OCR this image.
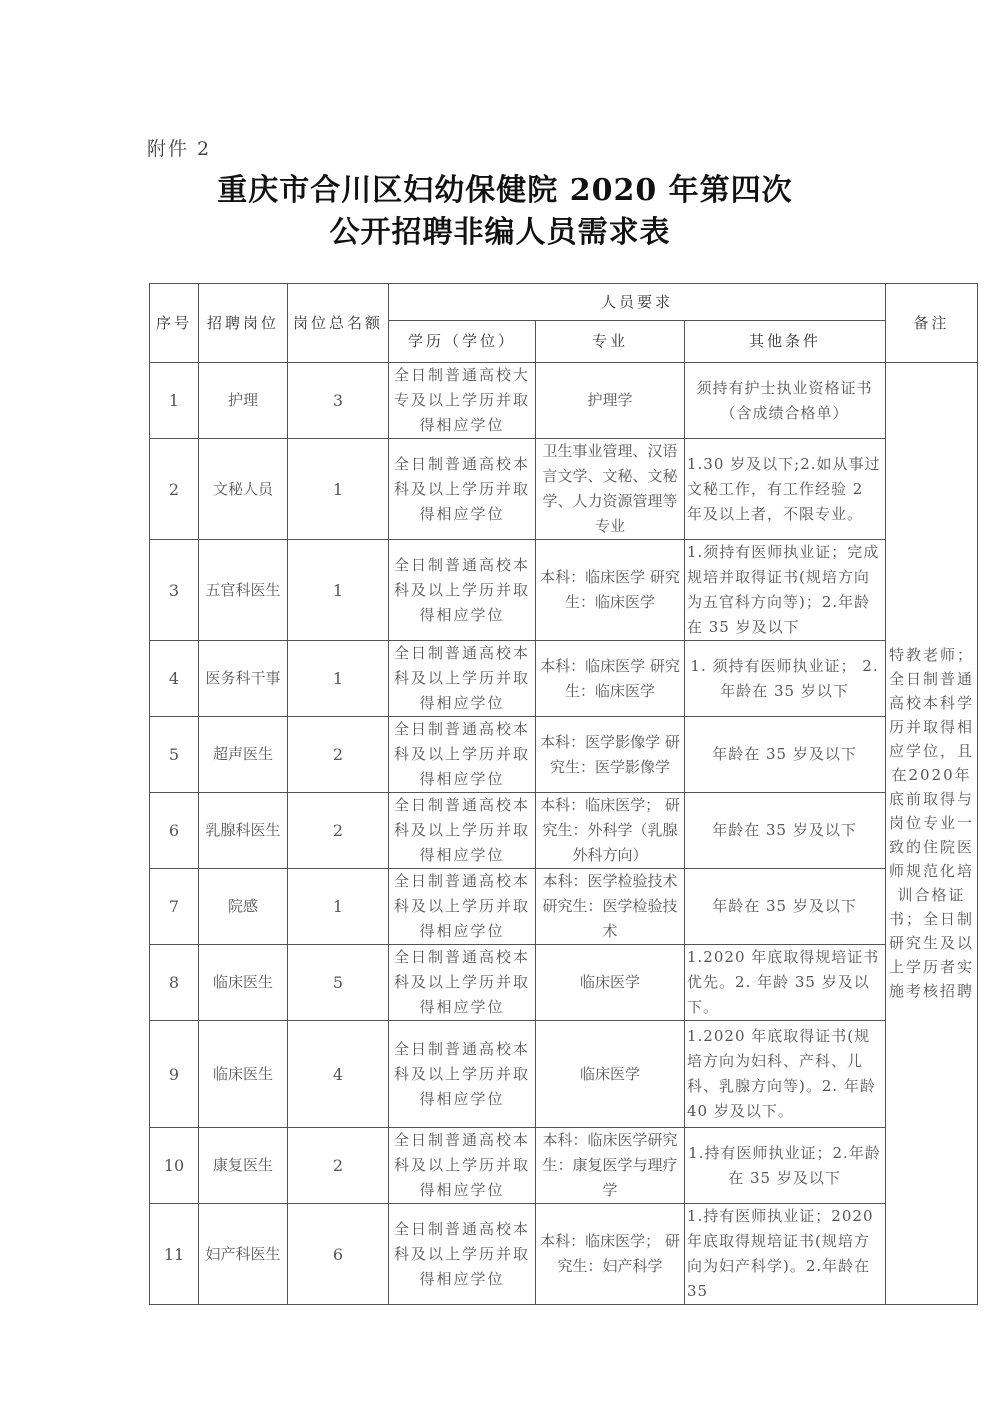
附件 2
重庆市合川区妇幼保健院 2020 年第四次
公开招聘非编人员需求表
序号	招聘岗位	岗位总名额	人员要求			备注
			学历（学位）	专业	其他条件	
1	护理	3	全日制普通高校大专及以上学历并取得相应学位	护理学	须持有护士执业资格证书（含成绩合格单）	特教老师；全日制普通高校本科学历并取得相应学位，且在2020年底前取得与岗位专业一致的住院医师规范化培训合格证书；全日制研究生及以上学历者实施考核招聘
2	文秘人员	1	全日制普通高校本科及以上学历并取得相应学位	卫生事业管理、汉语言文学、文秘、文秘学、人力资源管理等专业	1.30 岁及以下;2.如从事过文秘工作，有工作经验 2 年及以上者，不限专业。	
3	五官科医生	1	全日制普通高校本科及以上学历并取得相应学位	本科：临床医学 研究生：临床医学	1.须持有医师执业证；完成规培并取得证书(规培方向为五官科方向等)；2.年龄在 35 岁及以下	
4	医务科干事	1	全日制普通高校本科及以上学历并取得相应学位	本科：临床医学 研究生：临床医学	1. 须持有医师执业证； 2.年龄在 35 岁以下	
5	超声医生	2	全日制普通高校本科及以上学历并取得相应学位	本科：医学影像学 研究生：医学影像学	年龄在 35 岁及以下	
6	乳腺科医生	2	全日制普通高校本科及以上学历并取得相应学位	本科：临床医学； 研究生：外科学（乳腺外科方向）	年龄在 35 岁及以下	
7	院感	1	全日制普通高校本科及以上学历并取得相应学位	本科：医学检验技术 研究生：医学检验技术	年龄在 35 岁及以下	
8	临床医生	5	全日制普通高校本科及以上学历并取得相应学位	临床医学	1.2020 年底取得规培证书优先。2. 年龄 35 岁及以下。	
9	临床医生	4	全日制普通高校本科及以上学历并取得相应学位	临床医学	1.2020 年底取得证书(规培方向为妇科、产科、儿科、乳腺方向等)。2. 年龄 40 岁及以下。	
10	康复医生	2	全日制普通高校本科及以上学历并取得相应学位	本科：临床医学研究生：康复医学与理疗学	1.持有医师执业证；2.年龄在 35 岁及以下	
11	妇产科医生	6	全日制普通高校本科及以上学历并取得相应学位	本科：临床医学； 研究生：妇产科学	1.持有医师执业证；2020 年底取得规培证书(规培方向为妇产科学)。2.年龄在 35	
